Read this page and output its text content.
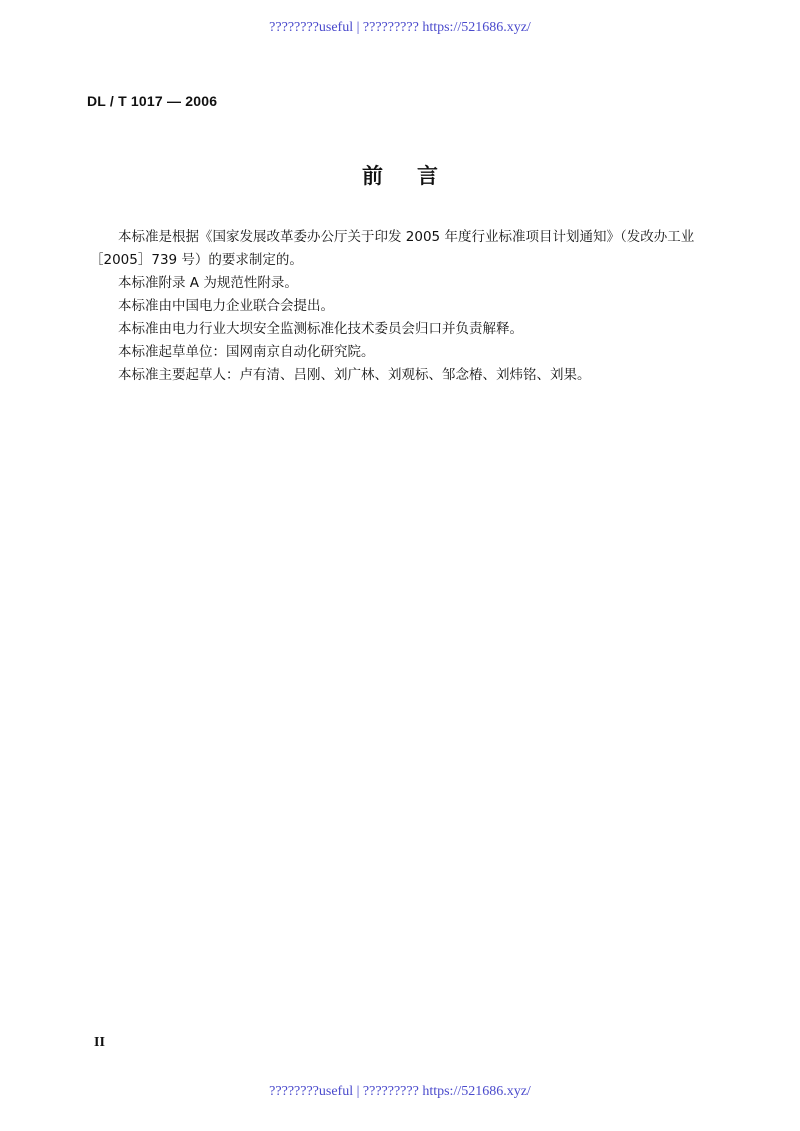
????????useful | ????????? https://521686.xyz/
DL / T 1017 — 2006
前言

本标准是根据《国家发展改革委办公厅关于印发 2005 年度行业标准项目计划通知》（发改办工业
［2005］739 号）的要求制定的。

本标准附录 A 为规范性附录。

本标准由中国电力企业联合会提出。

本标准由电力行业大坝安全监测标准化技术委员会归口并负责解释。

本标准起草单位：国网南京自动化研究院。

本标准主要起草人：卢有清、吕刚、刘广林、刘观标、邹念椿、刘炜铭、刘果。

II
????????useful | ????????? https://521686.xyz/
